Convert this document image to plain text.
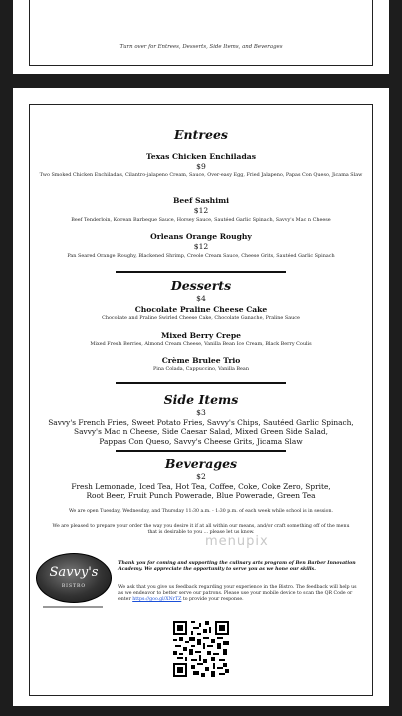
Turn over for Entrees, Desserts, Side Items, and Beverages
Entrees
Texas Chicken Enchiladas
$9
Two Smoked Chicken Enchiladas, Cilantro-jalapeno Cream, Sauce, Over-easy Egg, Fried Jalapeno, Papas Con Queso, Jicama Slaw
Beef Sashimi
$12
Beef Tenderloin, Korean Barbeque Sauce, Horsey Sauce, Sautéed Garlic Spinach, Savvy's Mac n Cheese
Orleans Orange Roughy
$12
Pan Seared Orange Roughy, Blackened Shrimp, Creole Cream Sauce, Cheese Grits, Sautéed Garlic Spinach
Desserts
$4
Chocolate Praline Cheese Cake
Chocolate and Praline Swirled Cheese Cake, Chocolate Ganache, Praline Sauce
Mixed Berry Crepe
Mixed Fresh Berries, Almond Cream Cheese, Vanilla Bean Ice Cream, Black Berry Coulis
Crème Brulee Trio
Pina Colada, Cappuccino, Vanilla Bean
Side Items
$3
Savvy's French Fries, Sweet Potato Fries, Savvy's Chips, Sautéed Garlic Spinach,
Savvy's Mac n Cheese, Side Caesar Salad, Mixed Green Side Salad,
Pappas Con Queso, Savvy's Cheese Grits, Jicama Slaw
Beverages
$2
Fresh Lemonade, Iced Tea, Hot Tea, Coffee, Coke, Coke Zero, Sprite,
Root Beer, Fruit Punch Powerade, Blue Powerade, Green Tea
We are open Tuesday, Wednesday, and Thursday 11:30 a.m. - 1:30 p.m. of each week while school is in session.
We are pleased to prepare your order the way you desire it if at all within our means, and/or craft something off of the menu that is desirable to you ... please let us know.
Savvy's
BISTRO
Thank you for coming and supporting the culinary arts program of Ben Barber Innovation Academy. We appreciate the opportunity to serve you as we hone our skills.
We ask that you give us feedback regarding your experience in the Bistro. The feedback will help us as we endeavor to better serve our patrons. Please use your mobile device to scan the QR Code or enter https://goo.gl/XNrTZ to provide your response.
menupix
